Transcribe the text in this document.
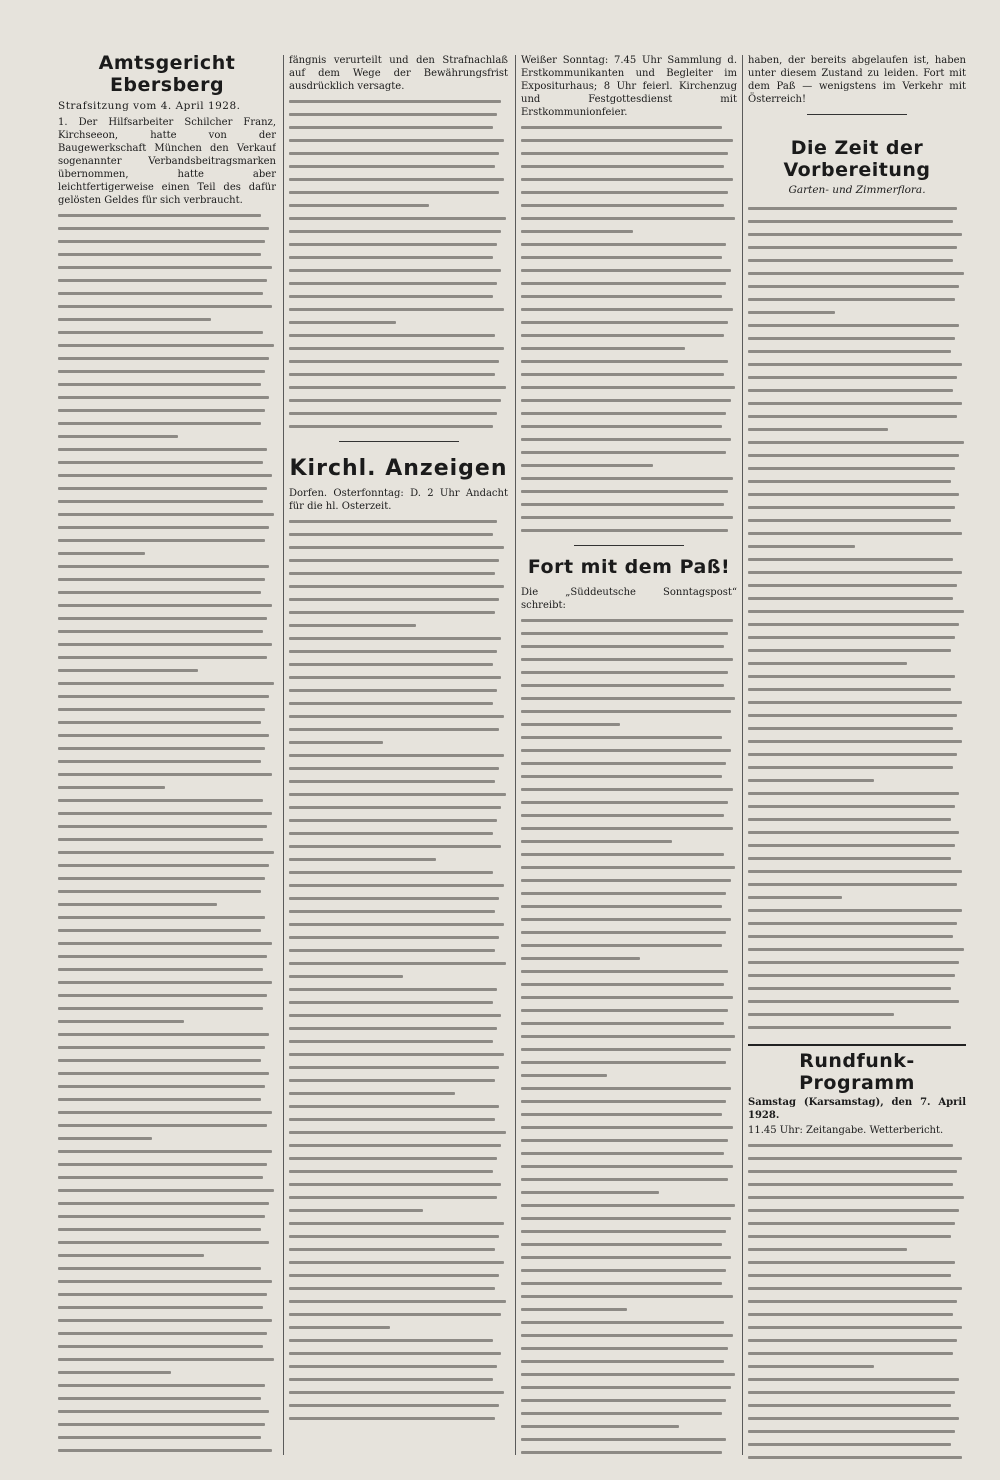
Amtsgericht Ebersberg
Strafsitzung vom 4. April 1928.
1. Der Hilfsarbeiter Schilcher Franz, Kirchseeon, hatte von der Baugewerkschaft München den Verkauf sogenannter Verbandsbeitragsmarken übernommen, hatte aber leichtfertigerweise einen Teil des dafür gelösten Geldes für sich verbraucht.
fängnis verurteilt und den Strafnachlaß auf dem Wege der Bewährungsfrist ausdrücklich versagte.
Kirchl. Anzeigen
Dorfen. Osterfonntag: D. 2 Uhr Andacht für die hl. Osterzeit.
Weißer Sonntag: 7.45 Uhr Sammlung d. Erstkommunikanten und Begleiter im Expositurhaus; 8 Uhr feierl. Kirchenzug und Festgottesdienst mit Erstkommunionfeier.
Fort mit dem Paß!
Die „Süddeutsche Sonntagspost“ schreibt:
haben, der bereits abgelaufen ist, haben unter diesem Zustand zu leiden. Fort mit dem Paß — wenigstens im Verkehr mit Österreich!
Die Zeit der Vorbereitung
Garten- und Zimmerflora.
Rundfunk-Programm
Samstag (Karsamstag), den 7. April 1928.
11.45 Uhr: Zeitangabe. Wetterbericht.
